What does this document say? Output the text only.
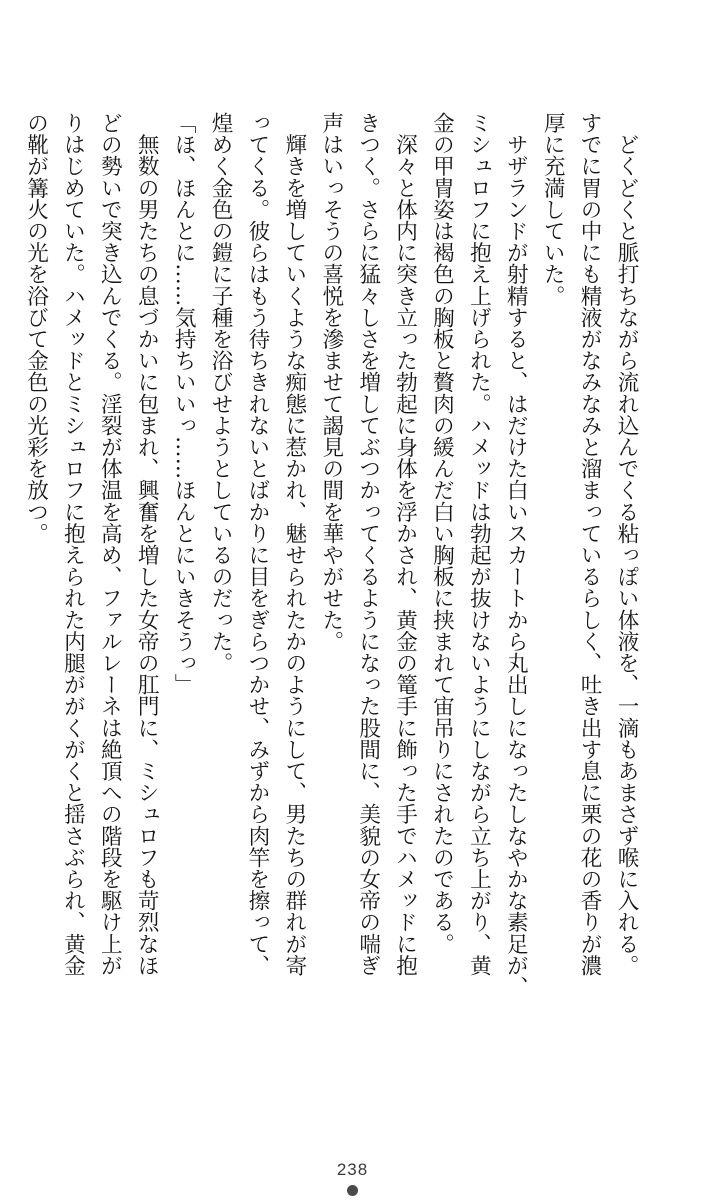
　どくどくと脈打ちながら流れ込んでくる粘っぽい体液を、一滴もあまさず喉に入れる。
すでに胃の中にも精液がなみなみと溜まっているらしく、吐き出す息に栗の花の香りが濃
厚に充満していた。
　サザランドが射精すると、はだけた白いスカートから丸出しになったしなやかな素足が、
ミシュロフに抱え上げられた。ハメッドは勃起が抜けないようにしながら立ち上がり、黄
金の甲冑姿は褐色の胸板と贅肉の緩んだ白い胸板に挟まれて宙吊りにされたのである。
　深々と体内に突き立った勃起に身体を浮かされ、黄金の篭手に飾った手でハメッドに抱
きつく。さらに猛々しさを増してぶつかってくるようになった股間に、美貌の女帝の喘ぎ
声はいっそうの喜悦を滲ませて謁見の間を華やがせた。
　輝きを増していくような痴態に惹かれ、魅せられたかのようにして、男たちの群れが寄
ってくる。彼らはもう待ちきれないとばかりに目をぎらつかせ、みずから肉竿を擦って、
煌めく金色の鎧に子種を浴びせようとしているのだった。
「ほ、ほんとに……気持ちいいっ……ほんとにいきそうっ」
　無数の男たちの息づかいに包まれ、興奮を増した女帝の肛門に、ミシュロフも苛烈なほ
どの勢いで突き込んでくる。淫裂が体温を高め、ファルレーネは絶頂への階段を駆け上が
りはじめていた。ハメッドとミシュロフに抱えられた内腿ががくがくと揺さぶられ、黄金
の靴が篝火の光を浴びて金色の光彩を放つ。
238
